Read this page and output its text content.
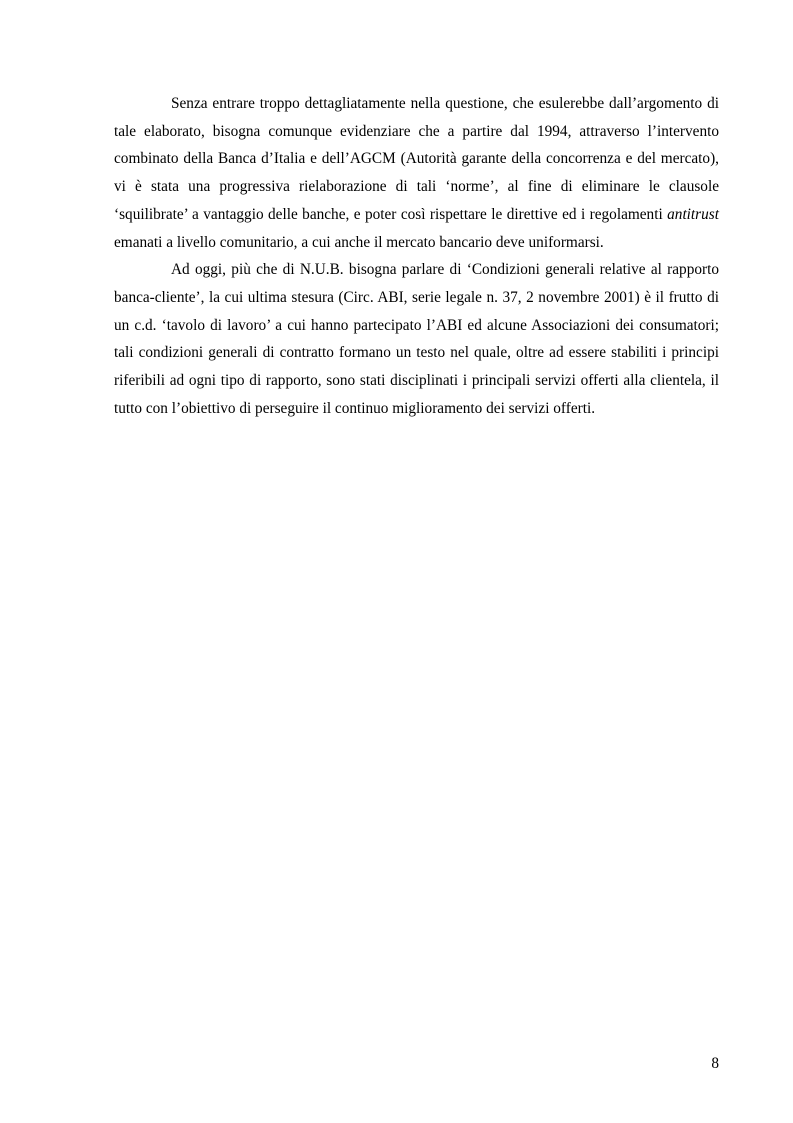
Senza entrare troppo dettagliatamente nella questione, che esulerebbe dall’argomento di tale elaborato, bisogna comunque evidenziare che a partire dal 1994, attraverso l’intervento combinato della Banca d’Italia e dell’AGCM (Autorità garante della concorrenza e del mercato), vi è stata una progressiva rielaborazione di tali ‘norme’, al fine di eliminare le clausole ‘squilibrate’ a vantaggio delle banche, e poter così rispettare le direttive ed i regolamenti antitrust emanati a livello comunitario, a cui anche il mercato bancario deve uniformarsi.

Ad oggi, più che di N.U.B. bisogna parlare di ‘Condizioni generali relative al rapporto banca-cliente’, la cui ultima stesura (Circ. ABI, serie legale n. 37, 2 novembre 2001) è il frutto di un c.d. ‘tavolo di lavoro’ a cui hanno partecipato l’ABI ed alcune Associazioni dei consumatori; tali condizioni generali di contratto formano un testo nel quale, oltre ad essere stabiliti i principi riferibili ad ogni tipo di rapporto, sono stati disciplinati i principali servizi offerti alla clientela, il tutto con l’obiettivo di perseguire il continuo miglioramento dei servizi offerti.

8
